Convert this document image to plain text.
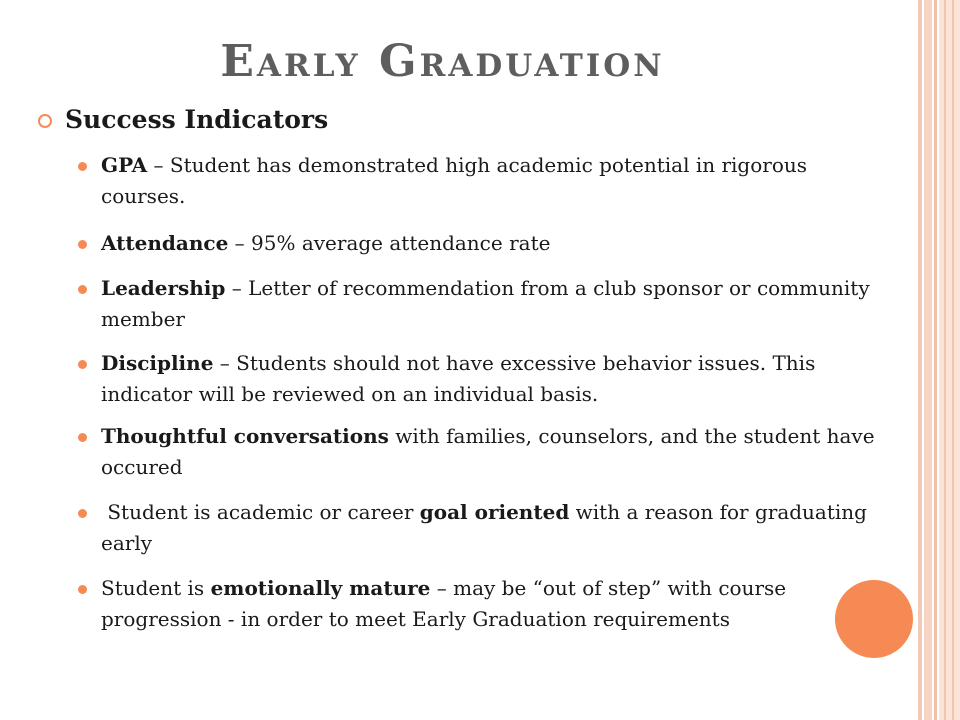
Early Graduation
Success Indicators
GPA – Student has demonstrated high academic potential in rigorous courses.
Attendance – 95% average attendance rate
Leadership – Letter of recommendation from a club sponsor or community member
Discipline – Students should not have excessive behavior issues. This indicator will be reviewed on an individual basis.
Thoughtful conversations with families, counselors, and the student have occured
Student is academic or career goal oriented with a reason for graduating early
Student is emotionally mature – may be “out of step” with course progression - in order to meet Early Graduation requirements
